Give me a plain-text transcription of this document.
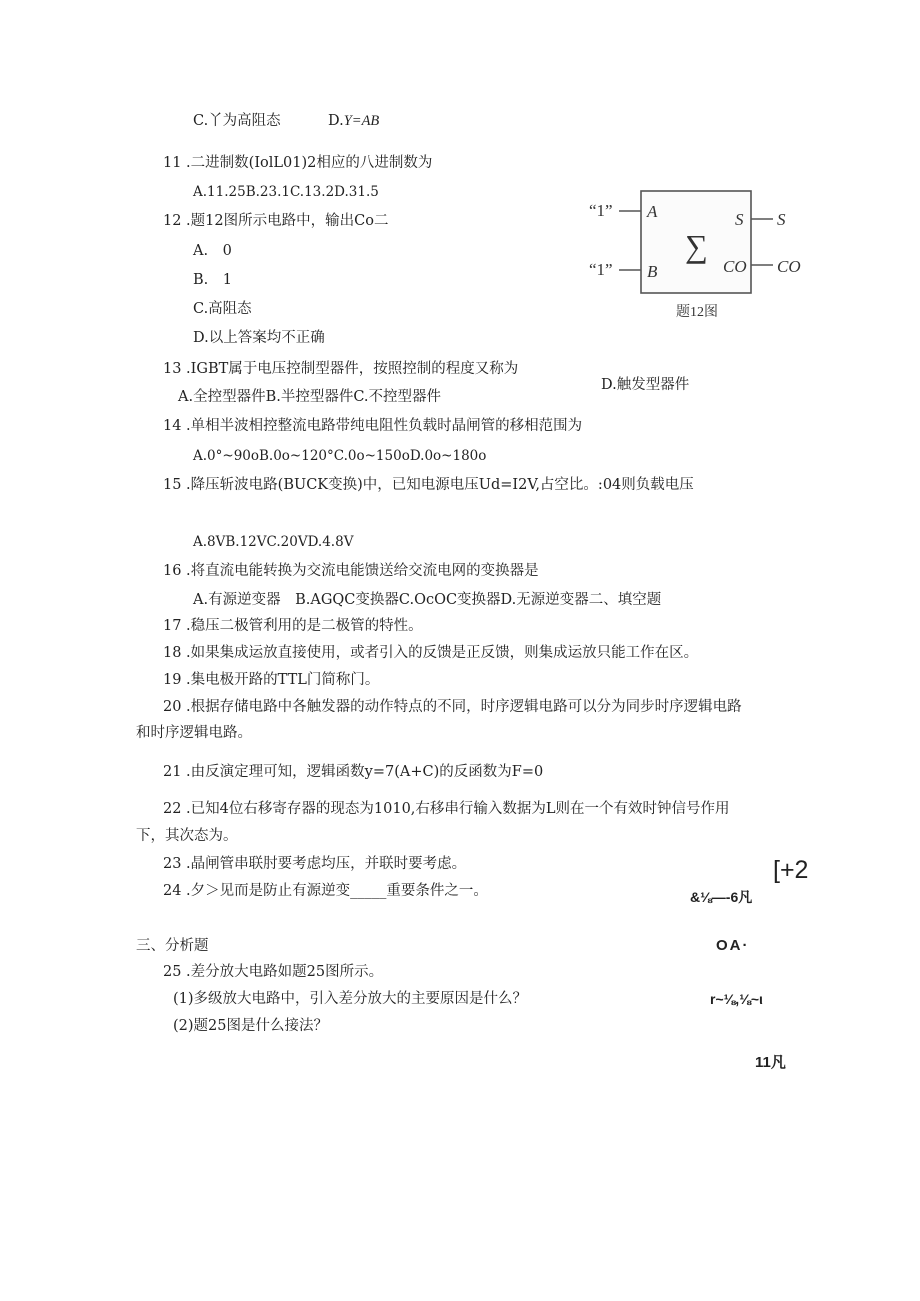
C.丫为高阻态	D.Y=AB
11 .二进制数(IolL01)2相应的八进制数为
A.11.25B.23.1C.13.2D.31.5
12 .题12图所示电路中，输出Co二
A.　0
B.　1
C.高阻态
D.以上答案均不正确
“1”
“1”
A
B
S
CO
S
CO
∑
题12图
13 .IGBT属于电压控制型器件，按照控制的程度又称为
A.全控型器件B.半控型器件C.不控型器件
D.触发型器件
14 .单相半波相控整流电路带纯电阻性负载时晶闸管的移相范围为
A.0°~90oB.0o~120°C.0o~150oD.0o~180o
15 .降压斩波电路(BUCK变换)中，已知电源电压Ud=I2V,占空比。:04则负载电压
A.8VB.12VC.20VD.4.8V
16 .将直流电能转换为交流电能馈送给交流电网的变换器是
A.有源逆变器　B.AGQC变换器C.OcOC变换器D.无源逆变器二、填空题
17 .稳压二极管利用的是二极管的特性。
18 .如果集成运放直接使用，或者引入的反馈是正反馈，则集成运放只能工作在区。
19 .集电极开路的TTL门简称门。
20 .根据存储电路中各触发器的动作特点的不同，时序逻辑电路可以分为同步时序逻辑电路
和时序逻辑电路。
21 .由反演定理可知，逻辑函数y=7(A+C)的反函数为F=0
22 .已知4位右移寄存器的现态为1010,右移串行输入数据为L则在一个有效时钟信号作用
下，其次态为。
23 .晶闸管串联肘要考虑均压，并联时要考虑。
24 .夕＞见而是防止有源逆变_____重要条件之一。
三、分析题
25 .差分放大电路如题25图所示。
(1)多级放大电路中，引入差分放大的主要原因是什么？
(2)题25图是什么接法？
[+2
&⅛—-6凡
OA·
r~⅛,⅛~ι
11凡
